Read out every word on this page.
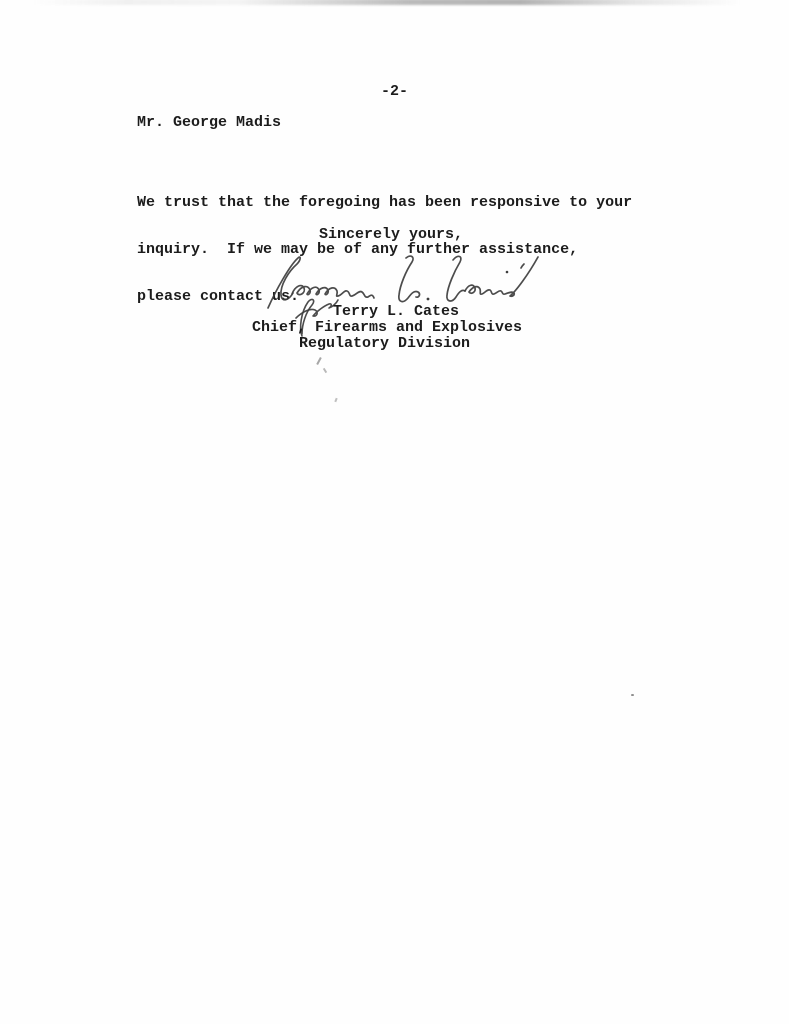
-2-
Mr. George Madis

We trust that the foregoing has been responsive to your

inquiry.  If we may be of any further assistance,

please contact us.

Sincerely yours,
Terry L. Cates
Chief, Firearms and Explosives
Regulatory Division
